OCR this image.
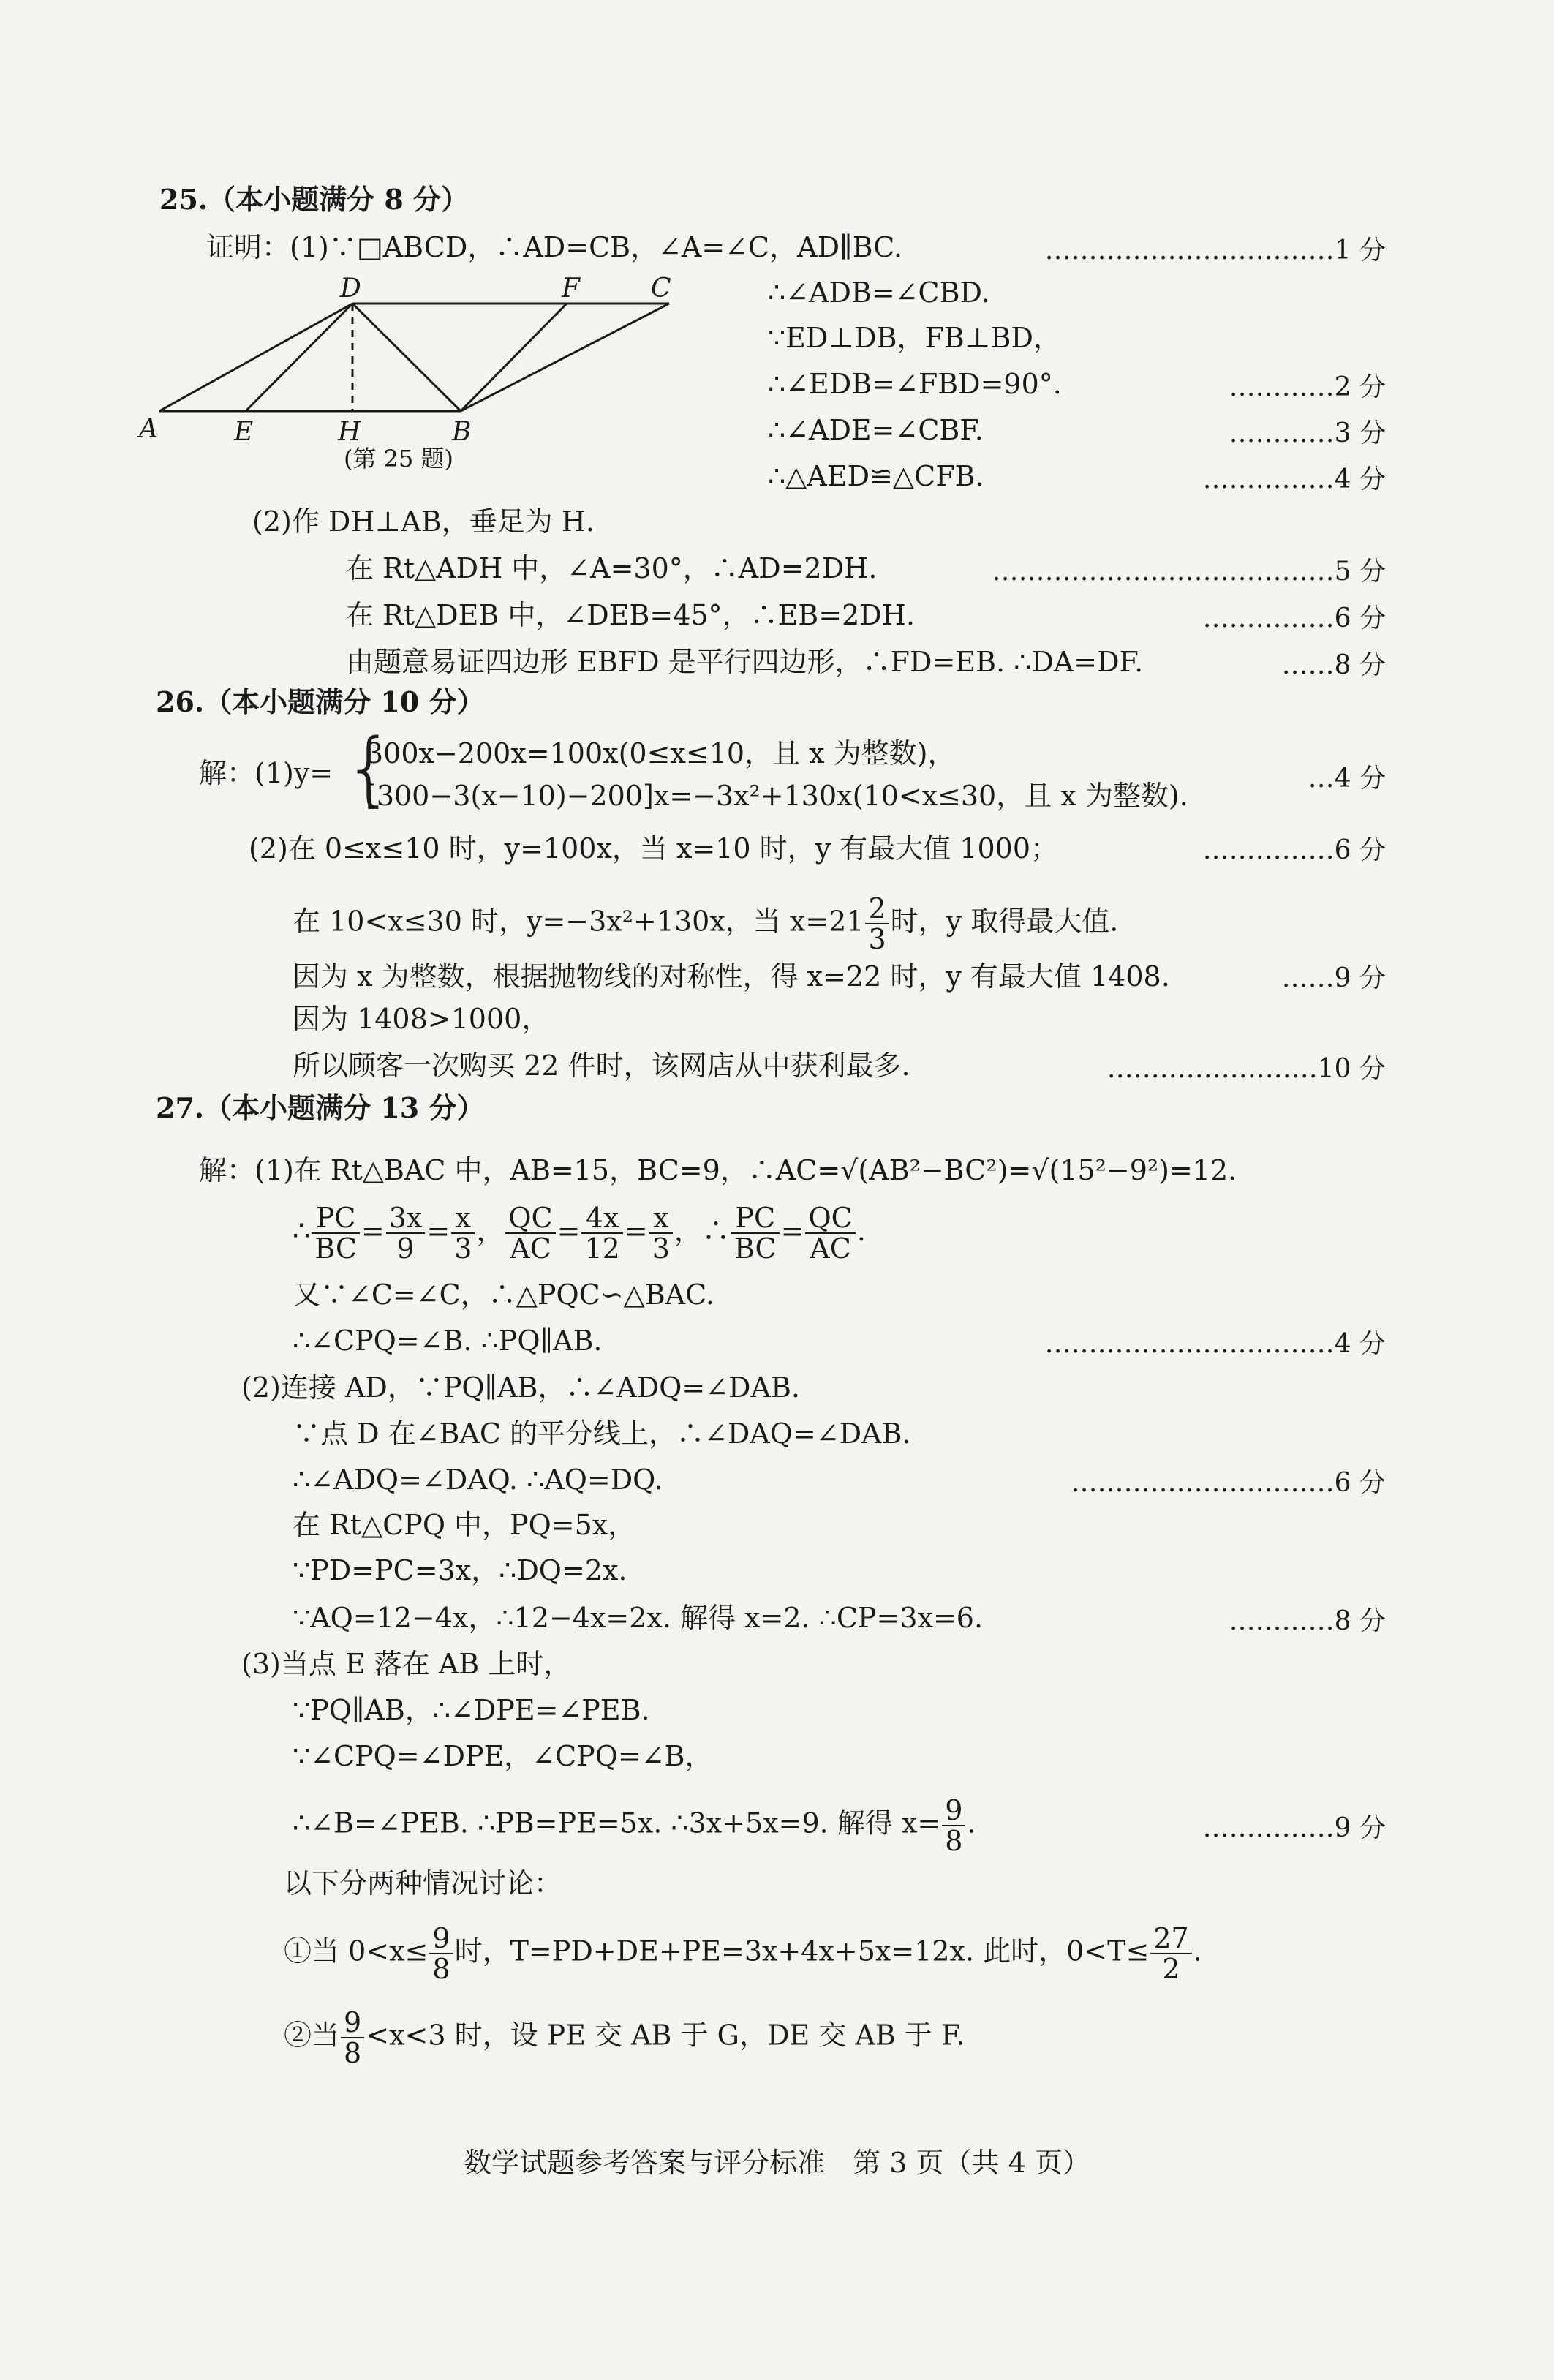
25.（本小题满分 8 分）
证明：(1)∵□ABCD，∴AD=CB，∠A=∠C，AD∥BC.	……………………………1 分
D	F	C
A	E	H	B
(第 25 题)
∴∠ADB=∠CBD.
∵ED⊥DB，FB⊥BD，
∴∠EDB=∠FBD=90°.	…………2 分
∴∠ADE=∠CBF.	…………3 分
∴△AED≌△CFB.	……………4 分
(2)作 DH⊥AB，垂足为 H.
在 Rt△ADH 中，∠A=30°，∴AD=2DH.	…………………………………5 分
在 Rt△DEB 中，∠DEB=45°，∴EB=2DH.	……………6 分
由题意易证四边形 EBFD 是平行四边形，∴FD=EB. ∴DA=DF.	……8 分
26.（本小题满分 10 分）
解：(1)y= {
300x−200x=100x(0≤x≤10，且 x 为整数)，
[300−3(x−10)−200]x=−3x²+130x(10<x≤30，且 x 为整数).
…4 分
(2)在 0≤x≤10 时，y=100x，当 x=10 时，y 有最大值 1000；	……………6 分
在 10<x≤30 时，y=−3x²+130x，当 $x=21 \frac{2}{3}$ 时，y 取得最大值.
因为 x 为整数，根据抛物线的对称性，得 x=22 时，y 有最大值 1408.	……9 分
因为 1408>1000，
所以顾客一次购买 22 件时，该网店从中获利最多.	……………………10 分
27.（本小题满分 13 分）
解：(1)在 Rt△BAC 中，AB=15，BC=9，∴AC=√(AB²−BC²)=√(15²−9²)=12.
∴ $\frac{PC}{BC} = \frac{3x}{9} = \frac{x}{3}$ ， $\frac{QC}{AC} = \frac{4x}{12} = \frac{x}{3}$ ，∴ $\frac{PC}{BC} = \frac{QC}{AC}$ .
又∵∠C=∠C，∴△PQC∽△BAC.
∴∠CPQ=∠B. ∴PQ∥AB.	……………………………4 分
(2)连接 AD，∵PQ∥AB，∴∠ADQ=∠DAB.
∵点 D 在∠BAC 的平分线上，∴∠DAQ=∠DAB.
∴∠ADQ=∠DAQ. ∴AQ=DQ.	…………………………6 分
在 Rt△CPQ 中，PQ=5x，
∵PD=PC=3x，∴DQ=2x.
∵AQ=12−4x，∴12−4x=2x. 解得 x=2. ∴CP=3x=6.	…………8 分
(3)当点 E 落在 AB 上时，
∵PQ∥AB，∴∠DPE=∠PEB.
∵∠CPQ=∠DPE，∠CPQ=∠B，
∴∠B=∠PEB. ∴PB=PE=5x. ∴3x+5x=9. 解得 $x= \frac{9}{8}$ .	……………9 分
以下分两种情况讨论：
①当 $0<x\le \frac{9}{8}$ 时，T=PD+DE+PE=3x+4x+5x=12x. 此时，$0<T\le \frac{27}{2}$ .
②当 $\frac{9}{8} <x<3$ 时，设 PE 交 AB 于 G，DE 交 AB 于 F.
数学试题参考答案与评分标准　第 3 页（共 4 页）
